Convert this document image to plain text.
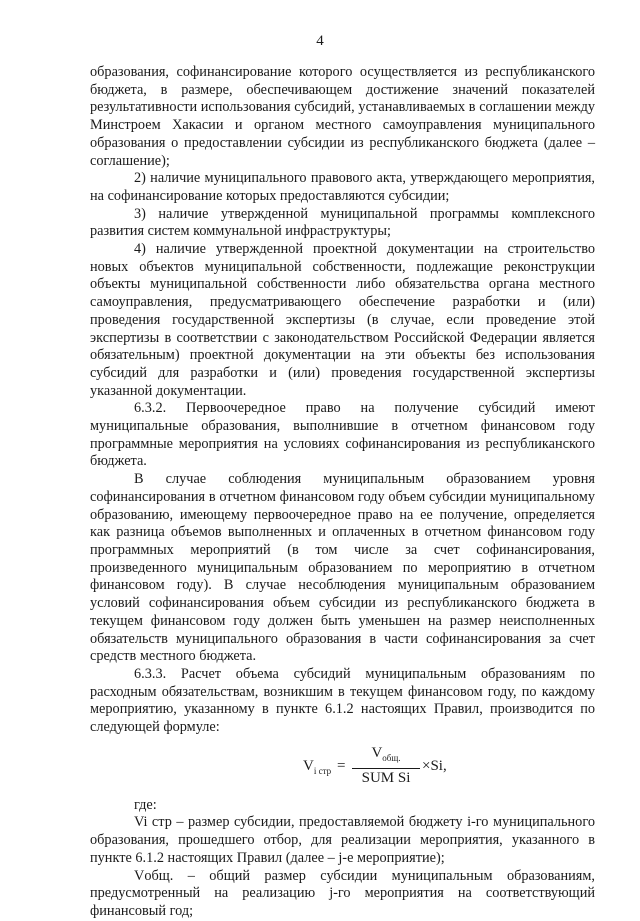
4

образования, софинансирование которого осуществляется из республиканского бюджета, в размере, обеспечивающем достижение значений показателей результативности использования субсидий, устанавливаемых в соглашении между Минстроем Хакасии и органом местного самоуправления муниципального образования о предоставлении субсидии из республиканского бюджета (далее – соглашение);

2) наличие муниципального правового акта, утверждающего мероприятия, на софинансирование которых предоставляются субсидии;

3) наличие утвержденной муниципальной программы комплексного развития систем коммунальной инфраструктуры;

4) наличие утвержденной проектной документации на строительство новых объектов муниципальной собственности, подлежащие реконструкции объекты муниципальной собственности либо обязательства органа местного самоуправления, предусматривающего обеспечение разработки и (или) проведения государственной экспертизы (в случае, если проведение этой экспертизы в соответствии с законодательством Российской Федерации является обязательным) проектной документации на эти объекты без использования субсидий для разработки и (или) проведения государственной экспертизы указанной документации.

6.3.2. Первоочередное право на получение субсидий имеют муниципальные образования, выполнившие в отчетном финансовом году программные мероприятия на условиях софинансирования из республиканского бюджета.

В случае соблюдения муниципальным образованием уровня софинансирования в отчетном финансовом году объем субсидии муниципальному образованию, имеющему первоочередное право на ее получение, определяется как разница объемов выполненных и оплаченных в отчетном финансовом году программных мероприятий (в том числе за счет софинансирования, произведенного муниципальным образованием по мероприятию в отчетном финансовом году). В случае несоблюдения муниципальным образованием условий софинансирования объем субсидии из республиканского бюджета в текущем финансовом году должен быть уменьшен на размер неисполненных обязательств муниципального образования в части софинансирования за счет средств местного бюджета.

6.3.3. Расчет объема субсидий муниципальным образованиям по расходным обязательствам, возникшим в текущем финансовом году, по каждому мероприятию, указанному в пункте 6.1.2 настоящих Правил, производится по следующей формуле:

$V_{i стр}$ =
$V_{общ.}$
SUM Si
×Si,

где:

Vi стр – размер субсидии, предоставляемой бюджету i-го муниципального образования, прошедшего отбор, для реализации мероприятия, указанного в пункте 6.1.2 настоящих Правил (далее – j-е мероприятие);

Vобщ. – общий размер субсидии муниципальным образованиям, предусмотренный на реализацию j-го мероприятия на соответствующий финансовый год;
